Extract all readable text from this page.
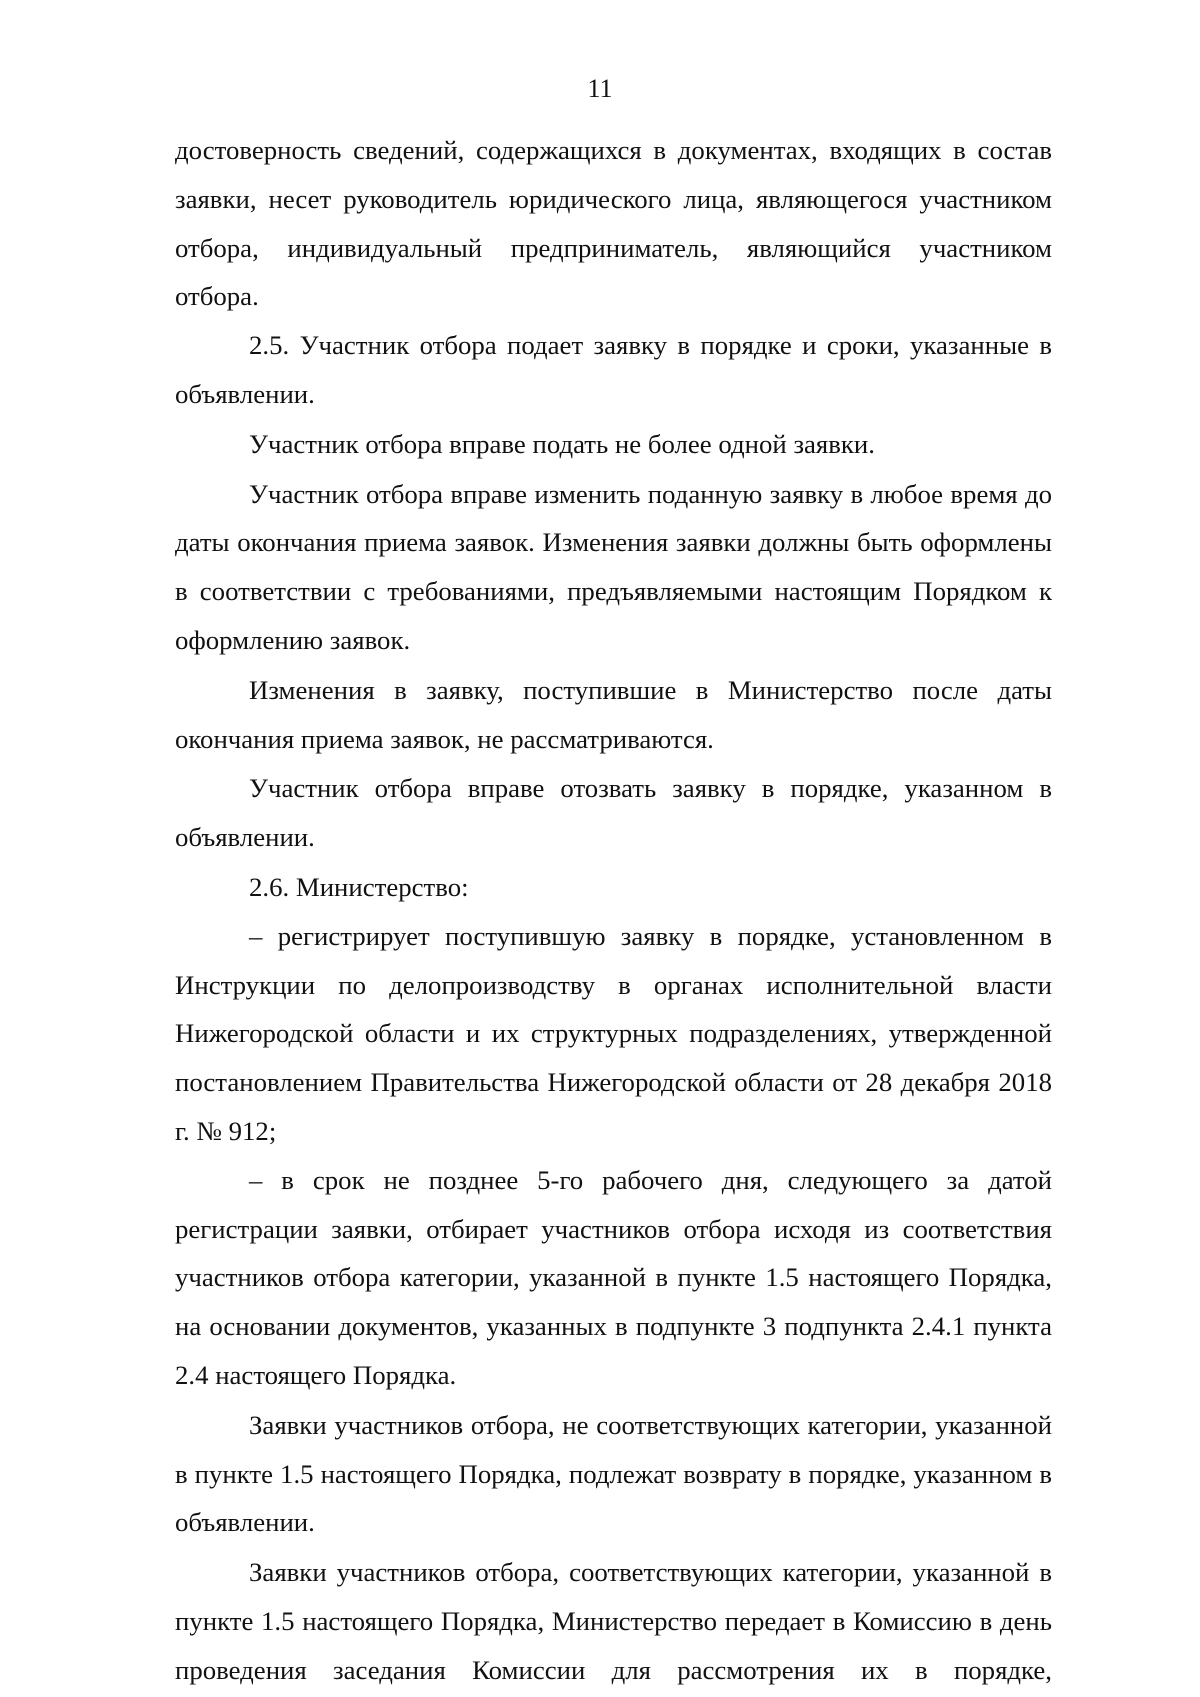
11

достоверность сведений, содержащихся в документах, входящих в состав заявки, несет руководитель юридического лица, являющегося участником отбора, индивидуальный предприниматель, являющийся участником отбора.

2.5. Участник отбора подает заявку в порядке и сроки, указанные в объявлении.

Участник отбора вправе подать не более одной заявки.

Участник отбора вправе изменить поданную заявку в любое время до даты окончания приема заявок. Изменения заявки должны быть оформлены в соответствии с требованиями, предъявляемыми настоящим Порядком к оформлению заявок.

Изменения в заявку, поступившие в Министерство после даты окончания приема заявок, не рассматриваются.

Участник отбора вправе отозвать заявку в порядке, указанном в объявлении.

2.6. Министерство:

– регистрирует поступившую заявку в порядке, установленном в Инструкции по делопроизводству в органах исполнительной власти Нижегородской области и их структурных подразделениях, утвержденной постановлением Правительства Нижегородской области от 28 декабря 2018 г. № 912;

– в срок не позднее 5-го рабочего дня, следующего за датой регистрации заявки, отбирает участников отбора исходя из соответствия участников отбора категории, указанной в пункте 1.5 настоящего Порядка, на основании документов, указанных в подпункте 3 подпункта 2.4.1 пункта 2.4 настоящего Порядка.

Заявки участников отбора, не соответствующих категории, указанной в пункте 1.5 настоящего Порядка, подлежат возврату в порядке, указанном в объявлении.

Заявки участников отбора, соответствующих категории, указанной в пункте 1.5 настоящего Порядка, Министерство передает в Комиссию в день проведения заседания Комиссии для рассмотрения их в порядке,
